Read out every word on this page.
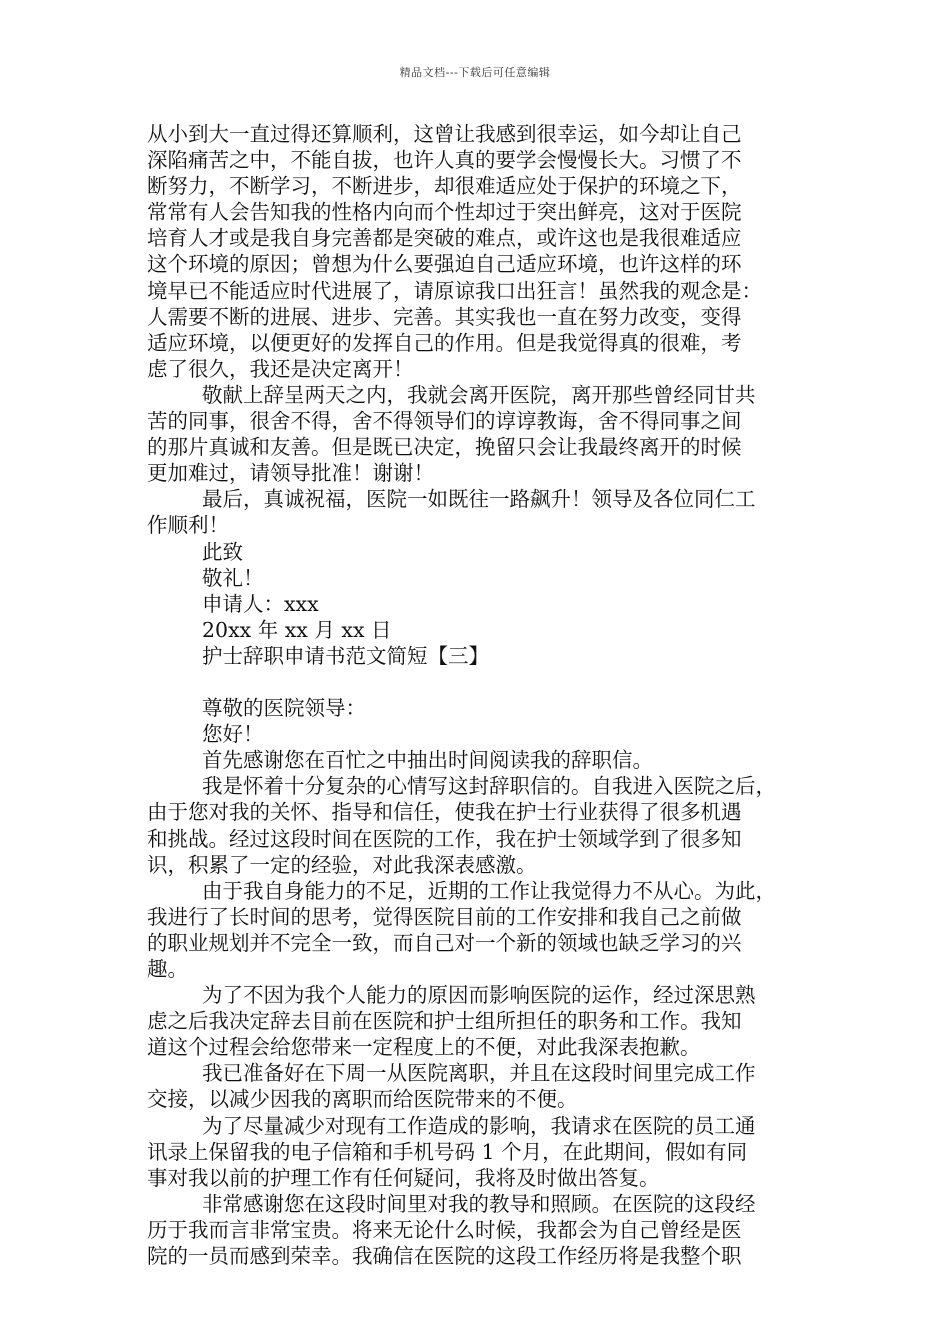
精品文档---下载后可任意编辑
从小到大一直过得还算顺利，这曾让我感到很幸运，如今却让自己
深陷痛苦之中，不能自拔，也许人真的要学会慢慢长大。习惯了不
断努力，不断学习，不断进步，却很难适应处于保护的环境之下，
常常有人会告知我的性格内向而个性却过于突出鲜亮，这对于医院
培育人才或是我自身完善都是突破的难点，或许这也是我很难适应
这个环境的原因；曾想为什么要强迫自己适应环境，也许这样的环
境早已不能适应时代进展了，请原谅我口出狂言！虽然我的观念是：
人需要不断的进展、进步、完善。其实我也一直在努力改变，变得
适应环境，以便更好的发挥自己的作用。但是我觉得真的很难，考
虑了很久，我还是决定离开！
敬献上辞呈两天之内，我就会离开医院，离开那些曾经同甘共
苦的同事，很舍不得，舍不得领导们的谆谆教诲，舍不得同事之间
的那片真诚和友善。但是既已决定，挽留只会让我最终离开的时候
更加难过，请领导批准！谢谢！
最后，真诚祝福，医院一如既往一路飙升！领导及各位同仁工
作顺利！
此致
敬礼！
申请人：xxx
20xx 年 xx 月 xx 日
护士辞职申请书范文简短【三】
尊敬的医院领导：
您好！
首先感谢您在百忙之中抽出时间阅读我的辞职信。
我是怀着十分复杂的心情写这封辞职信的。自我进入医院之后，
由于您对我的关怀、指导和信任，使我在护士行业获得了很多机遇
和挑战。经过这段时间在医院的工作，我在护士领域学到了很多知
识，积累了一定的经验，对此我深表感激。
由于我自身能力的不足，近期的工作让我觉得力不从心。为此，
我进行了长时间的思考，觉得医院目前的工作安排和我自己之前做
的职业规划并不完全一致，而自己对一个新的领域也缺乏学习的兴
趣。
为了不因为我个人能力的原因而影响医院的运作，经过深思熟
虑之后我决定辞去目前在医院和护士组所担任的职务和工作。我知
道这个过程会给您带来一定程度上的不便，对此我深表抱歉。
我已准备好在下周一从医院离职，并且在这段时间里完成工作
交接，以减少因我的离职而给医院带来的不便。
为了尽量减少对现有工作造成的影响，我请求在医院的员工通
讯录上保留我的电子信箱和手机号码 1 个月，在此期间，假如有同
事对我以前的护理工作有任何疑问，我将及时做出答复。
非常感谢您在这段时间里对我的教导和照顾。在医院的这段经
历于我而言非常宝贵。将来无论什么时候，我都会为自己曾经是医
院的一员而感到荣幸。我确信在医院的这段工作经历将是我整个职
